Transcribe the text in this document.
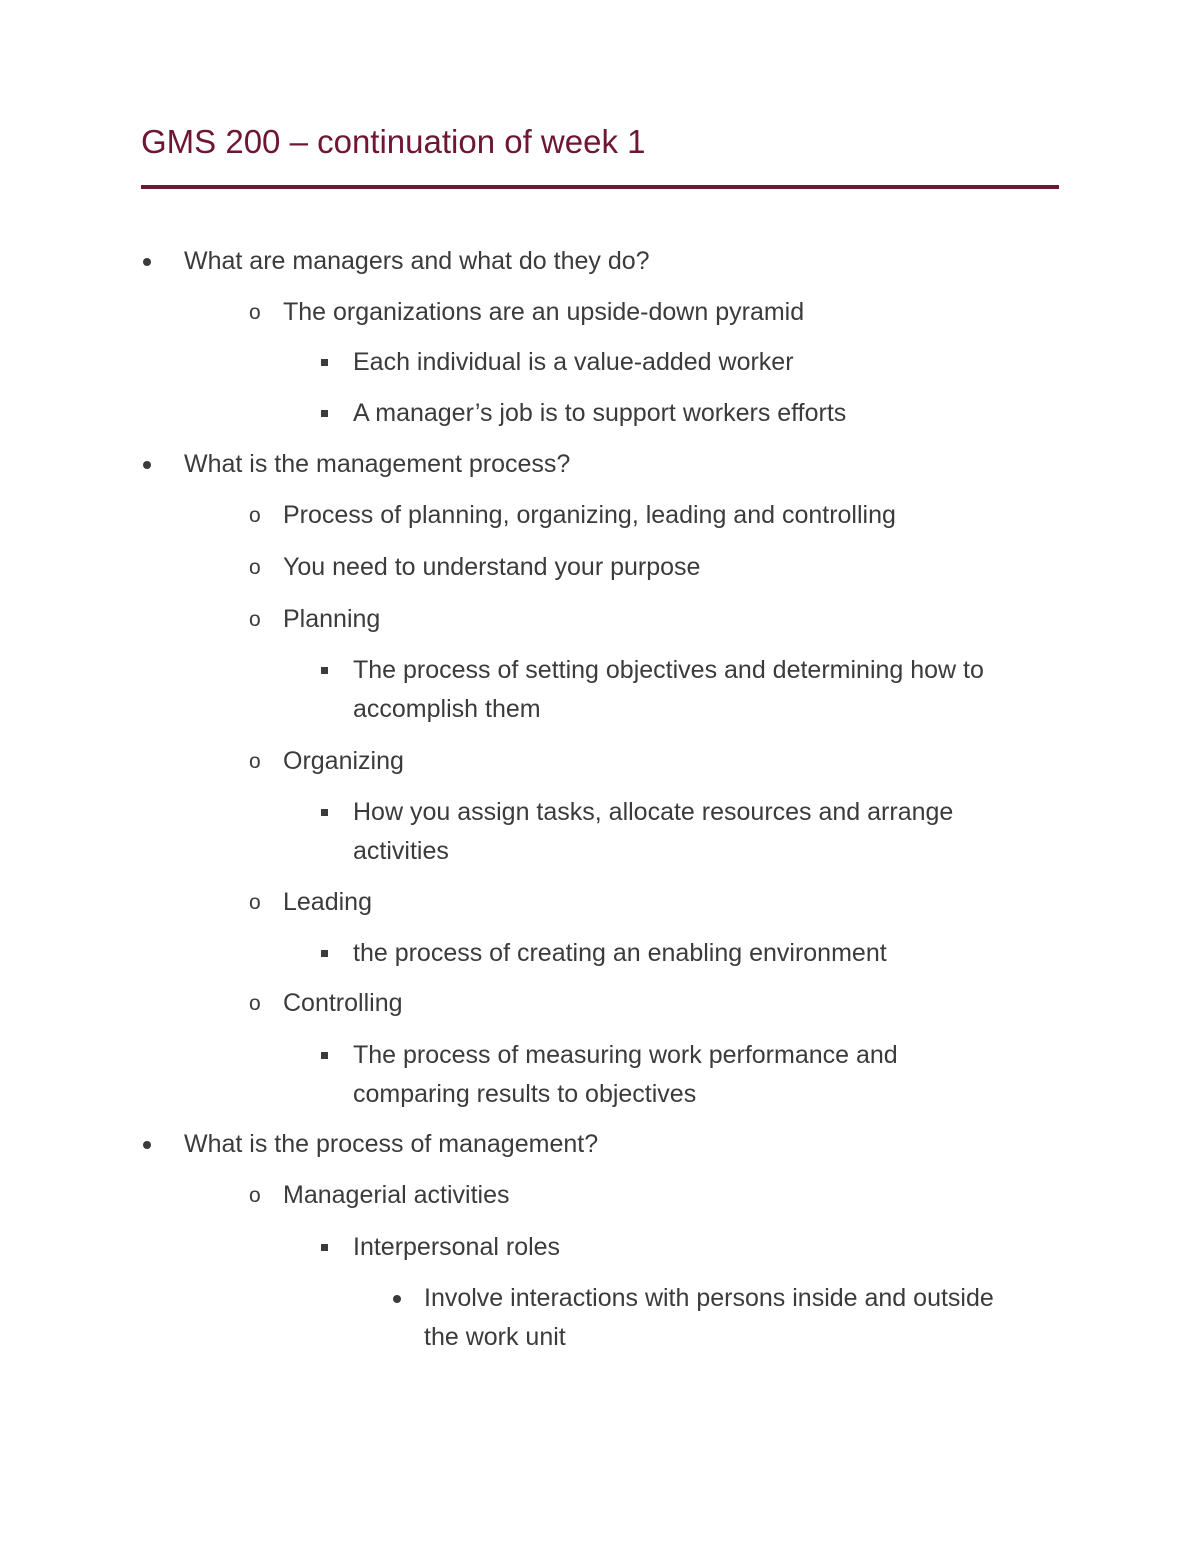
GMS 200 – continuation of week 1
What are managers and what do they do?
o The organizations are an upside-down pyramid
Each individual is a value-added worker
A manager’s job is to support workers efforts
What is the management process?
o Process of planning, organizing, leading and controlling
o You need to understand your purpose
o Planning
The process of setting objectives and determining how to
accomplish them
o Organizing
How you assign tasks, allocate resources and arrange
activities
o Leading
the process of creating an enabling environment
o Controlling
The process of measuring work performance and
comparing results to objectives
What is the process of management?
o Managerial activities
Interpersonal roles
Involve interactions with persons inside and outside
the work unit
